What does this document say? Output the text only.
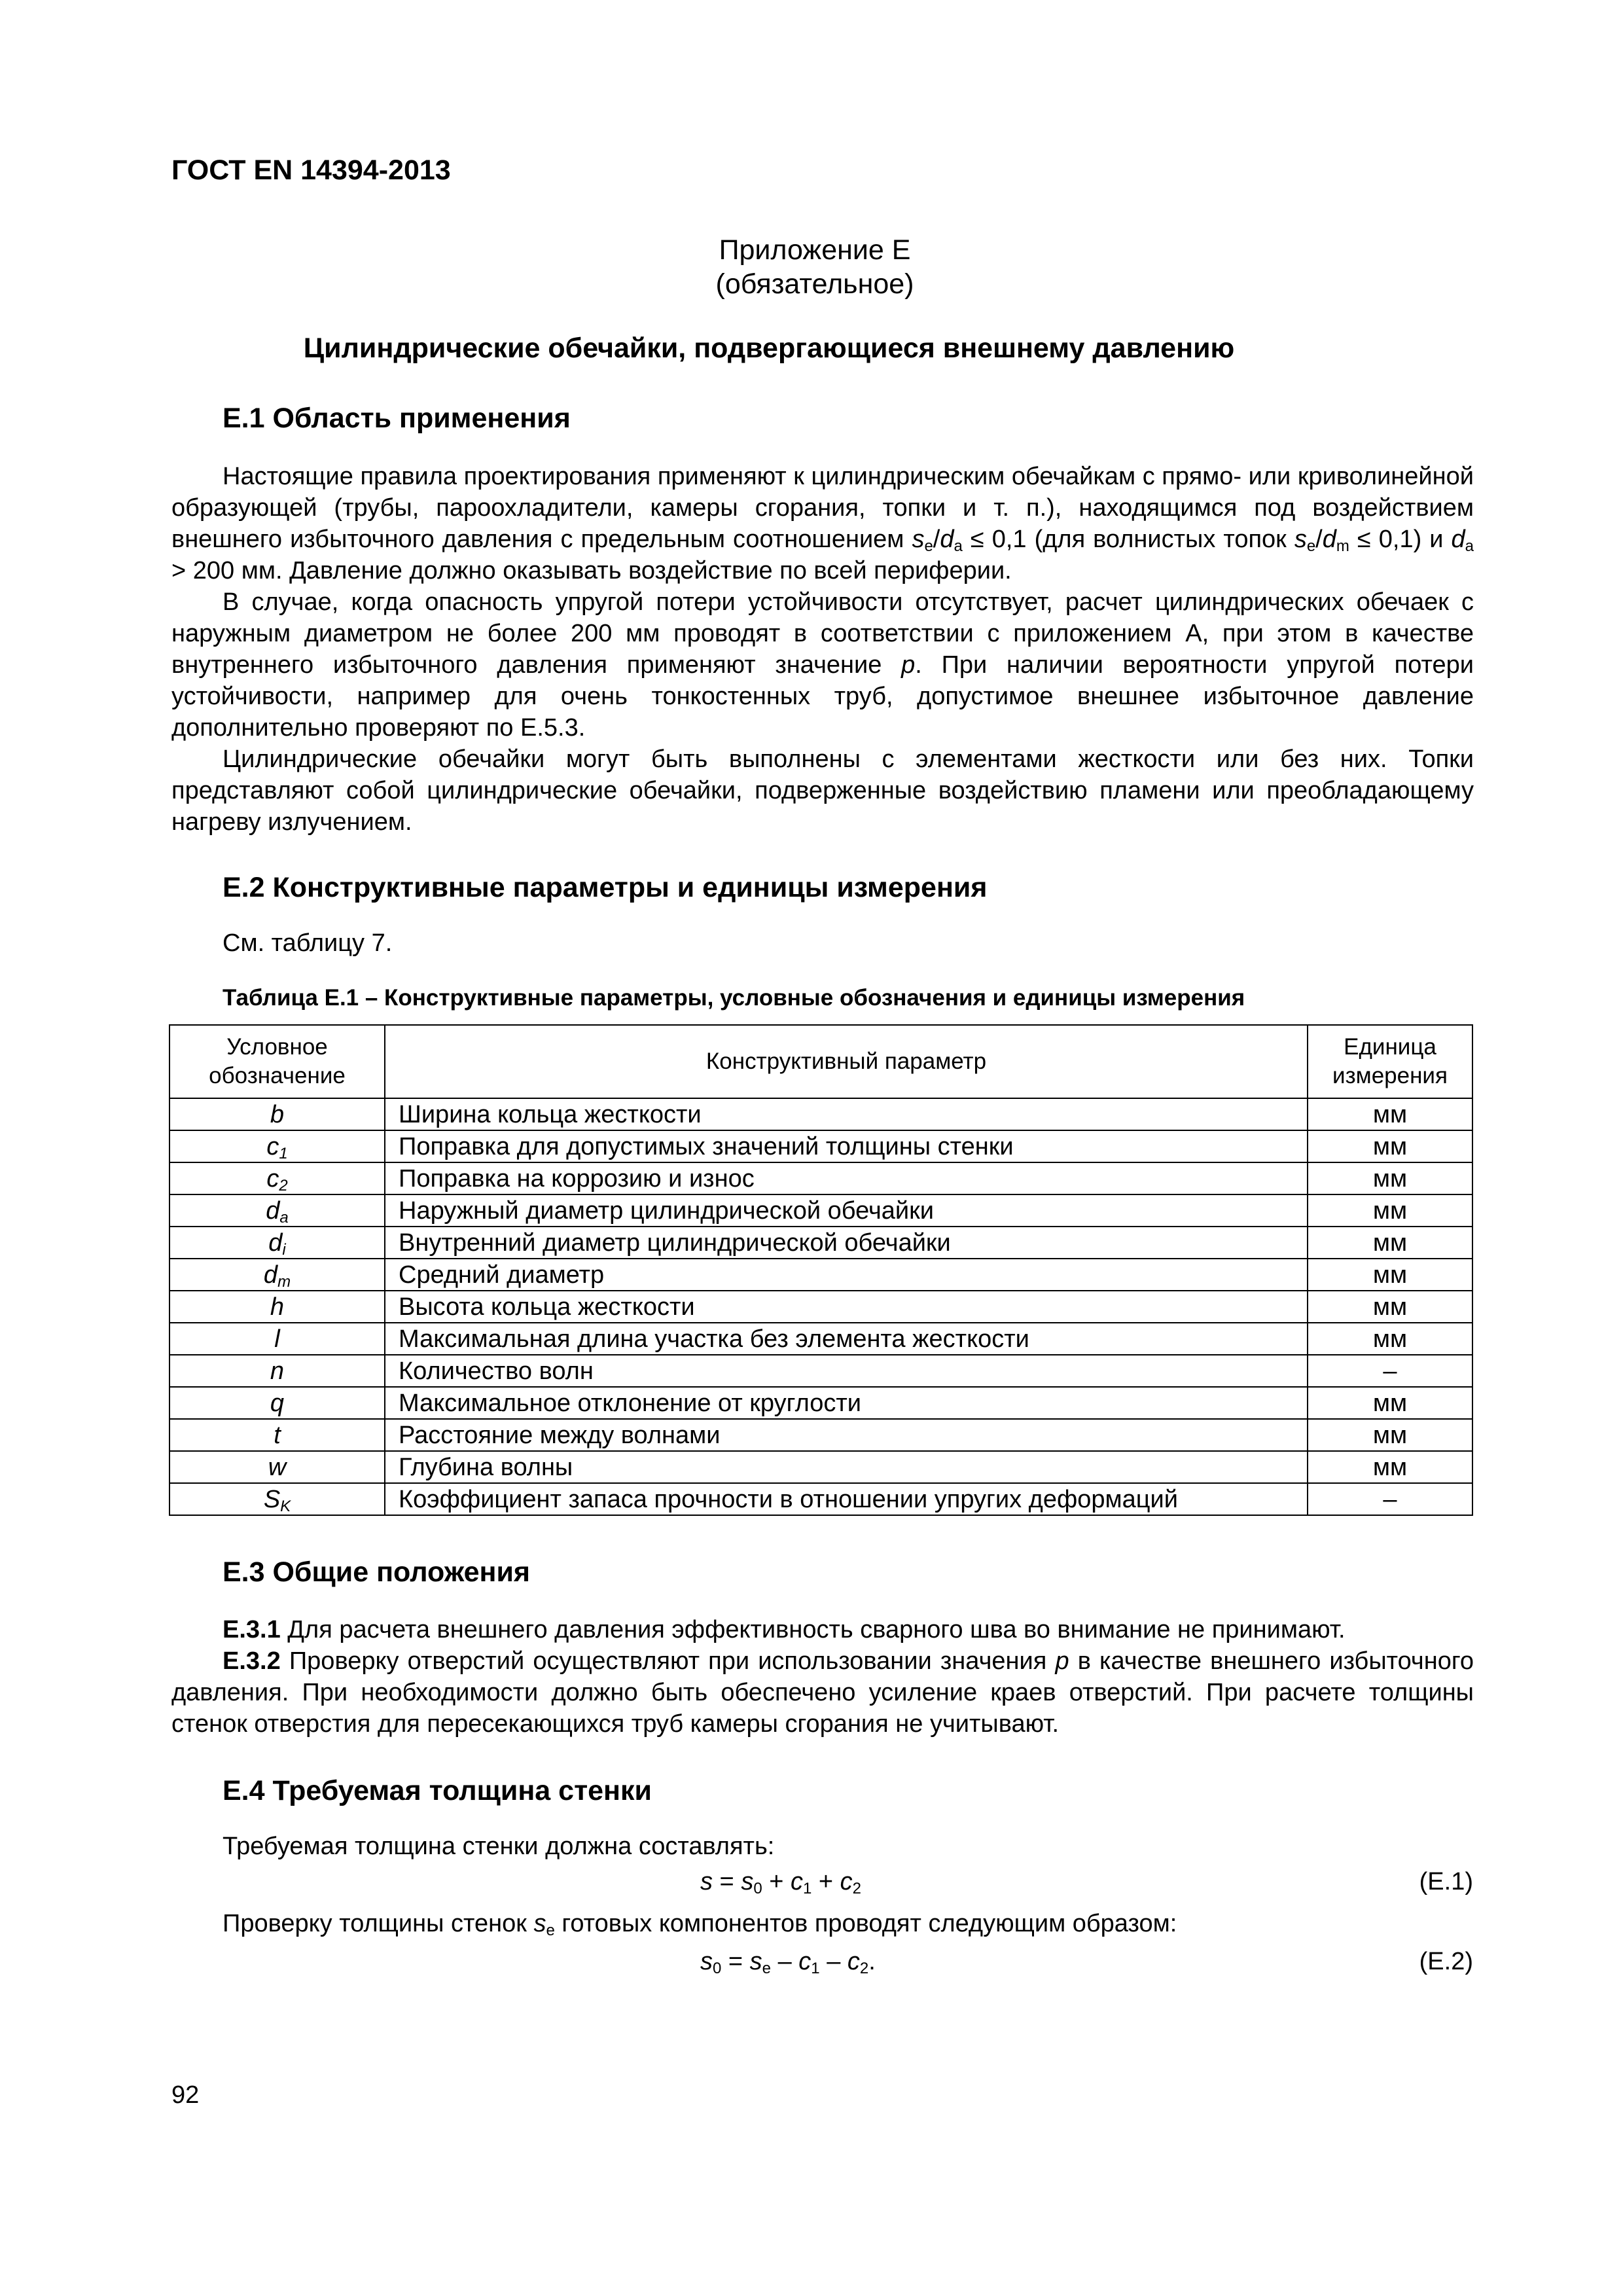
ГОСТ EN 14394-2013
Приложение Е
(обязательное)
Цилиндрические обечайки, подвергающиеся внешнему давлению
Е.1 Область применения

Настоящие правила проектирования применяют к цилиндрическим обечайкам с прямо- или криволинейной образующей (трубы, пароохладители, камеры сгорания, топки и т. п.), находящимся под воздействием внешнего избыточного давления с предельным соотношением $s_e/d_a \le 0,1$ (для волнистых топок $s_e/d_m \le 0,1$) и $d_a > 200$ мм. Давление должно оказывать воздействие по всей периферии.

В случае, когда опасность упругой потери устойчивости отсутствует, расчет цилиндрических обечаек с наружным диаметром не более 200 мм проводят в соответствии с приложением А, при этом в качестве внутреннего избыточного давления применяют значение p. При наличии вероятности упругой потери устойчивости, например для очень тонкостенных труб, допустимое внешнее избыточное давление дополнительно проверяют по Е.5.3.

Цилиндрические обечайки могут быть выполнены с элементами жесткости или без них. Топки представляют собой цилиндрические обечайки, подверженные воздействию пламени или преобладающему нагреву излучением.

Е.2 Конструктивные параметры и единицы измерения
См. таблицу 7.
Таблица Е.1 – Конструктивные параметры, условные обозначения и единицы измерения
Условное обозначение	Конструктивный параметр	Единица измерения
b	Ширина кольца жесткости	мм
$c_1$	Поправка для допустимых значений толщины стенки	мм
$c_2$	Поправка на коррозию и износ	мм
$d_a$	Наружный диаметр цилиндрической обечайки	мм
$d_i$	Внутренний диаметр цилиндрической обечайки	мм
$d_m$	Средний диаметр	мм
h	Высота кольца жесткости	мм
l	Максимальная длина участка без элемента жесткости	мм
n	Количество волн	–
q	Максимальное отклонение от круглости	мм
t	Расстояние между волнами	мм
w	Глубина волны	мм
$S_K$	Коэффициент запаса прочности в отношении упругих деформаций	–
Е.3 Общие положения

Е.3.1 Для расчета внешнего давления эффективность сварного шва во внимание не принимают.

Е.3.2 Проверку отверстий осуществляют при использовании значения p в качестве внешнего избыточного давления. При необходимости должно быть обеспечено усиление краев отверстий. При расчете толщины стенок отверстия для пересекающихся труб камеры сгорания не учитывают.

Е.4 Требуемая толщина стенки
Требуемая толщина стенки должна составлять:
$s = s_0 + c_1 + c_2$	(Е.1)
Проверку толщины стенок $s_e$ готовых компонентов проводят следующим образом:
$s_0 = s_e - c_1 - c_2$.	(Е.2)
92
